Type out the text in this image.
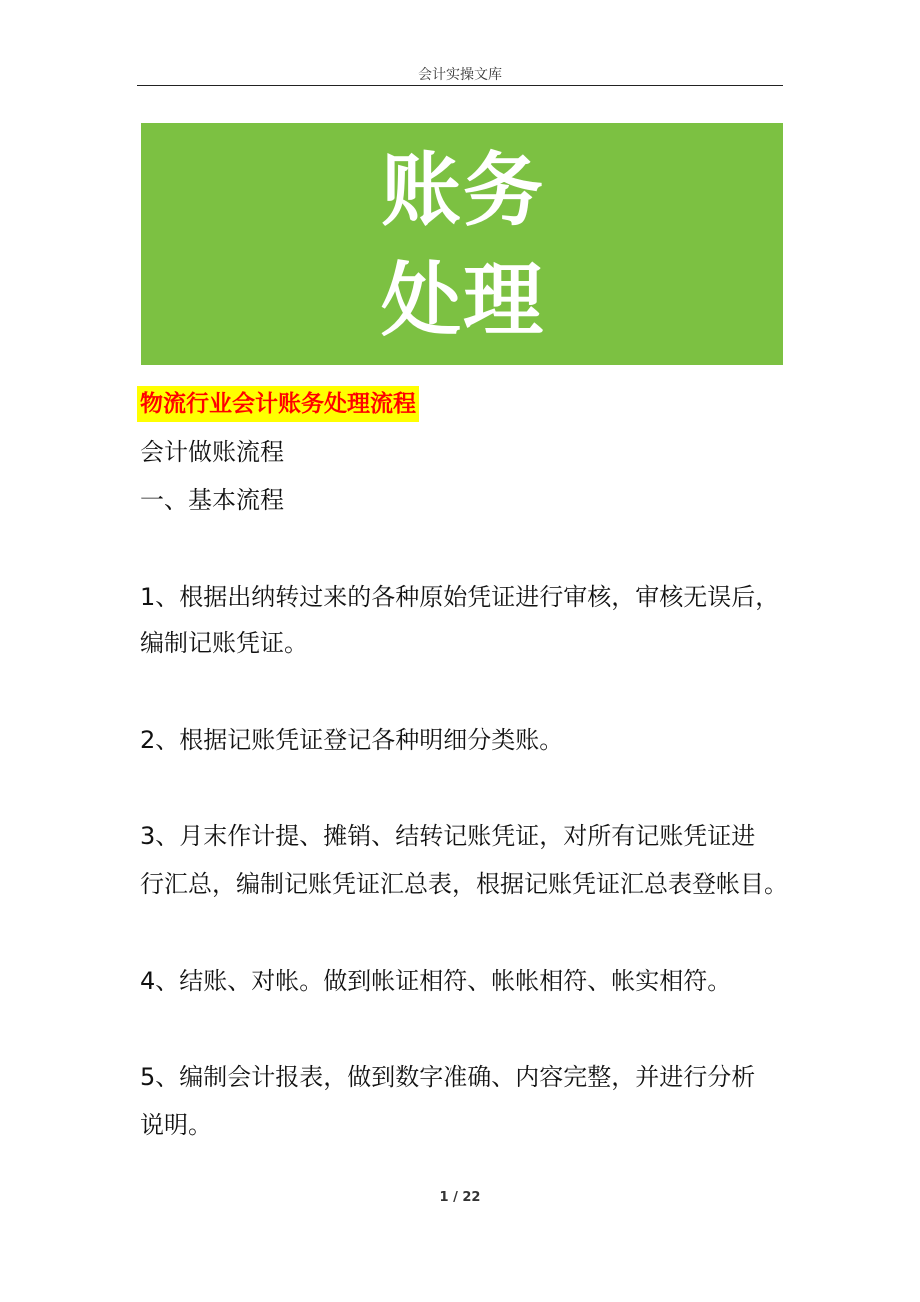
会计实操文库
账务
处理
物流行业会计账务处理流程

会计做账流程

一、基本流程

1、根据出纳转过来的各种原始凭证进行审核，审核无误后，

编制记账凭证。

2、根据记账凭证登记各种明细分类账。

3、月末作计提、摊销、结转记账凭证，对所有记账凭证进

行汇总，编制记账凭证汇总表，根据记账凭证汇总表登帐目。

4、结账、对帐。做到帐证相符、帐帐相符、帐实相符。

5、编制会计报表，做到数字准确、内容完整，并进行分析

说明。

1 / 22
